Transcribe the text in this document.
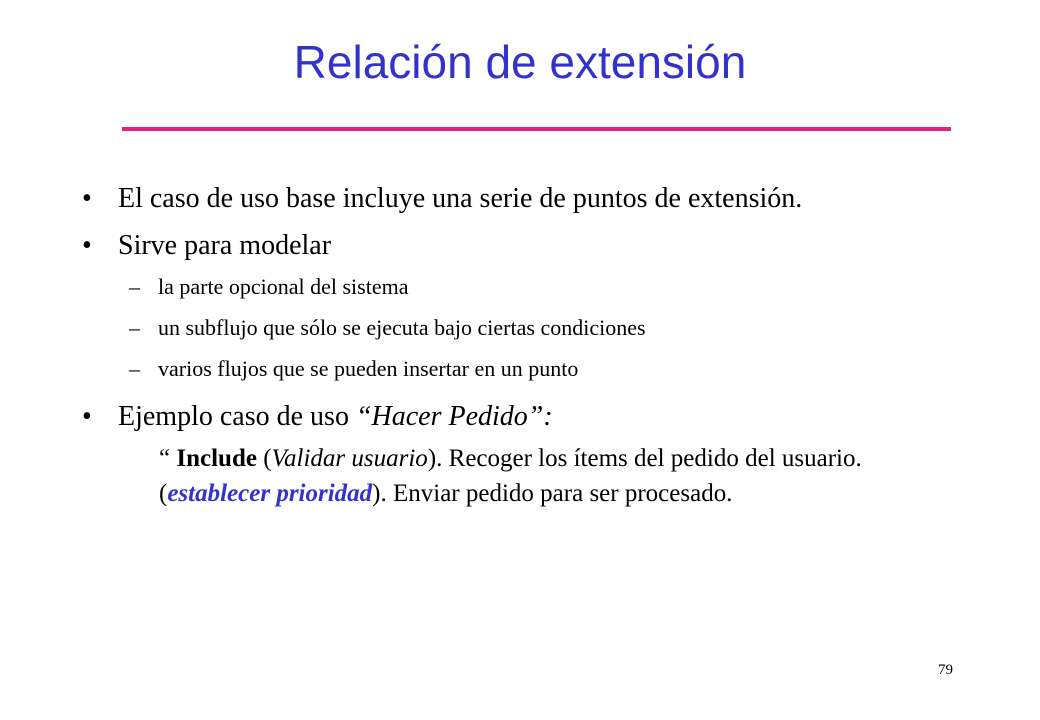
Relación de extensión
• El caso de uso base incluye una serie de puntos de extensión.
• Sirve para modelar
– la parte opcional del sistema
– un subflujo que sólo se ejecuta bajo ciertas condiciones
– varios flujos que se pueden insertar en un punto
• Ejemplo caso de uso “Hacer Pedido”:
“ Include (Validar usuario). Recoger los ítems del pedido del usuario. (establecer prioridad). Enviar pedido para ser procesado.
79
